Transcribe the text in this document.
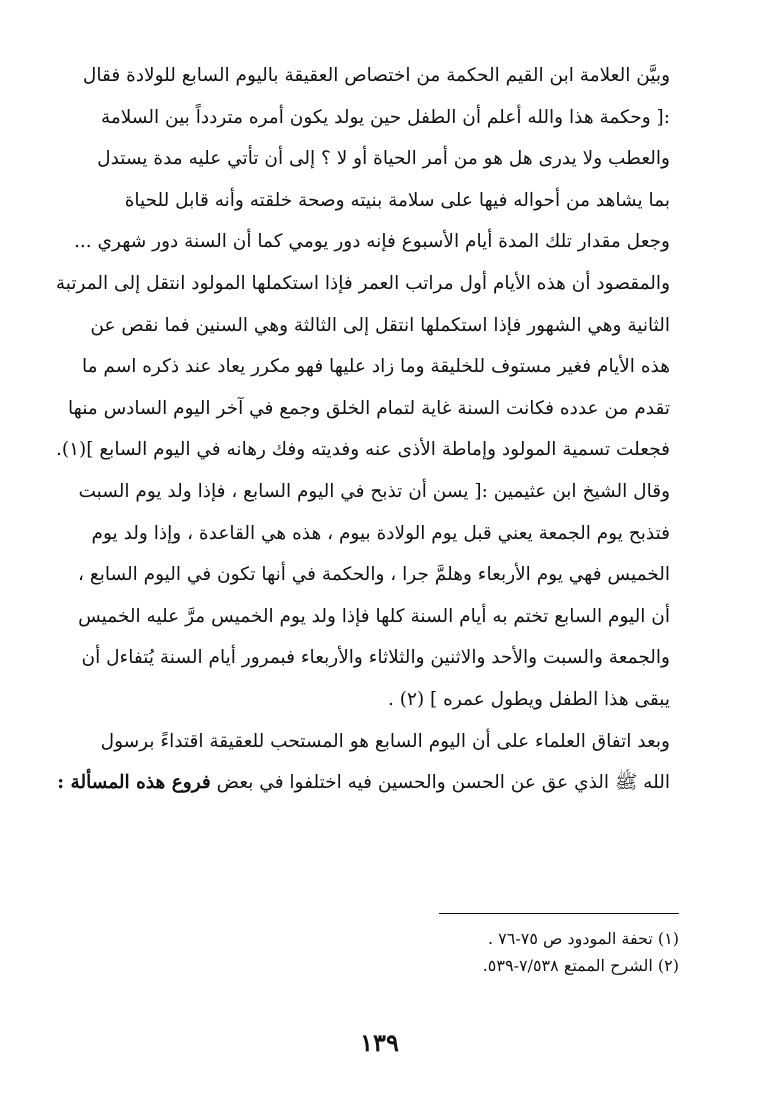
وبيَّن العلامة ابن القيم الحكمة من اختصاص العقيقة باليوم السابع للولادة فقال
:[ وحكمة هذا والله أعلم أن الطفل حين يولد يكون أمره متردداً بين السلامة
والعطب ولا يدرى هل هو من أمر الحياة أو لا ؟ إلى أن تأتي عليه مدة يستدل
بما يشاهد من أحواله فيها على سلامة بنيته وصحة خلقته وأنه قابل للحياة
وجعل مقدار تلك المدة أيام الأسبوع فإنه دور يومي كما أن السنة دور شهري ...
والمقصود أن هذه الأيام أول مراتب العمر فإذا استكملها المولود انتقل إلى المرتبة
الثانية وهي الشهور فإذا استكملها انتقل إلى الثالثة وهي السنين فما نقص عن
هذه الأيام فغير مستوف للخليقة وما زاد عليها فهو مكرر يعاد عند ذكره اسم ما
تقدم من عدده فكانت السنة غاية لتمام الخلق وجمع في آخر اليوم السادس منها
فجعلت تسمية المولود وإماطة الأذى عنه وفديته وفك رهانه في اليوم السابع ](١).
وقال الشيخ ابن عثيمين :[ يسن أن تذبح في اليوم السابع ، فإذا ولد يوم السبت
فتذبح يوم الجمعة يعني قبل يوم الولادة بيوم ، هذه هي القاعدة ، وإذا ولد يوم
الخميس فهي يوم الأربعاء وهلمَّ جرا ، والحكمة في أنها تكون في اليوم السابع ،
أن اليوم السابع تختم به أيام السنة كلها فإذا ولد يوم الخميس مرَّ عليه الخميس
والجمعة والسبت والأحد والاثنين والثلاثاء والأربعاء فبمرور أيام السنة يُتفاءل أن
يبقى هذا الطفل ويطول عمره ] (٢) .
وبعد اتفاق العلماء على أن اليوم السابع هو المستحب للعقيقة اقتداءً برسول
الله ﷺ الذي عق عن الحسن والحسين فيه اختلفوا في بعض فروع هذه المسألة :
(١) تحفة المودود ص ٧٥-٧٦ .
(٢) الشرح الممتع ٧/٥٣٨-٥٣٩.
١٣٩
